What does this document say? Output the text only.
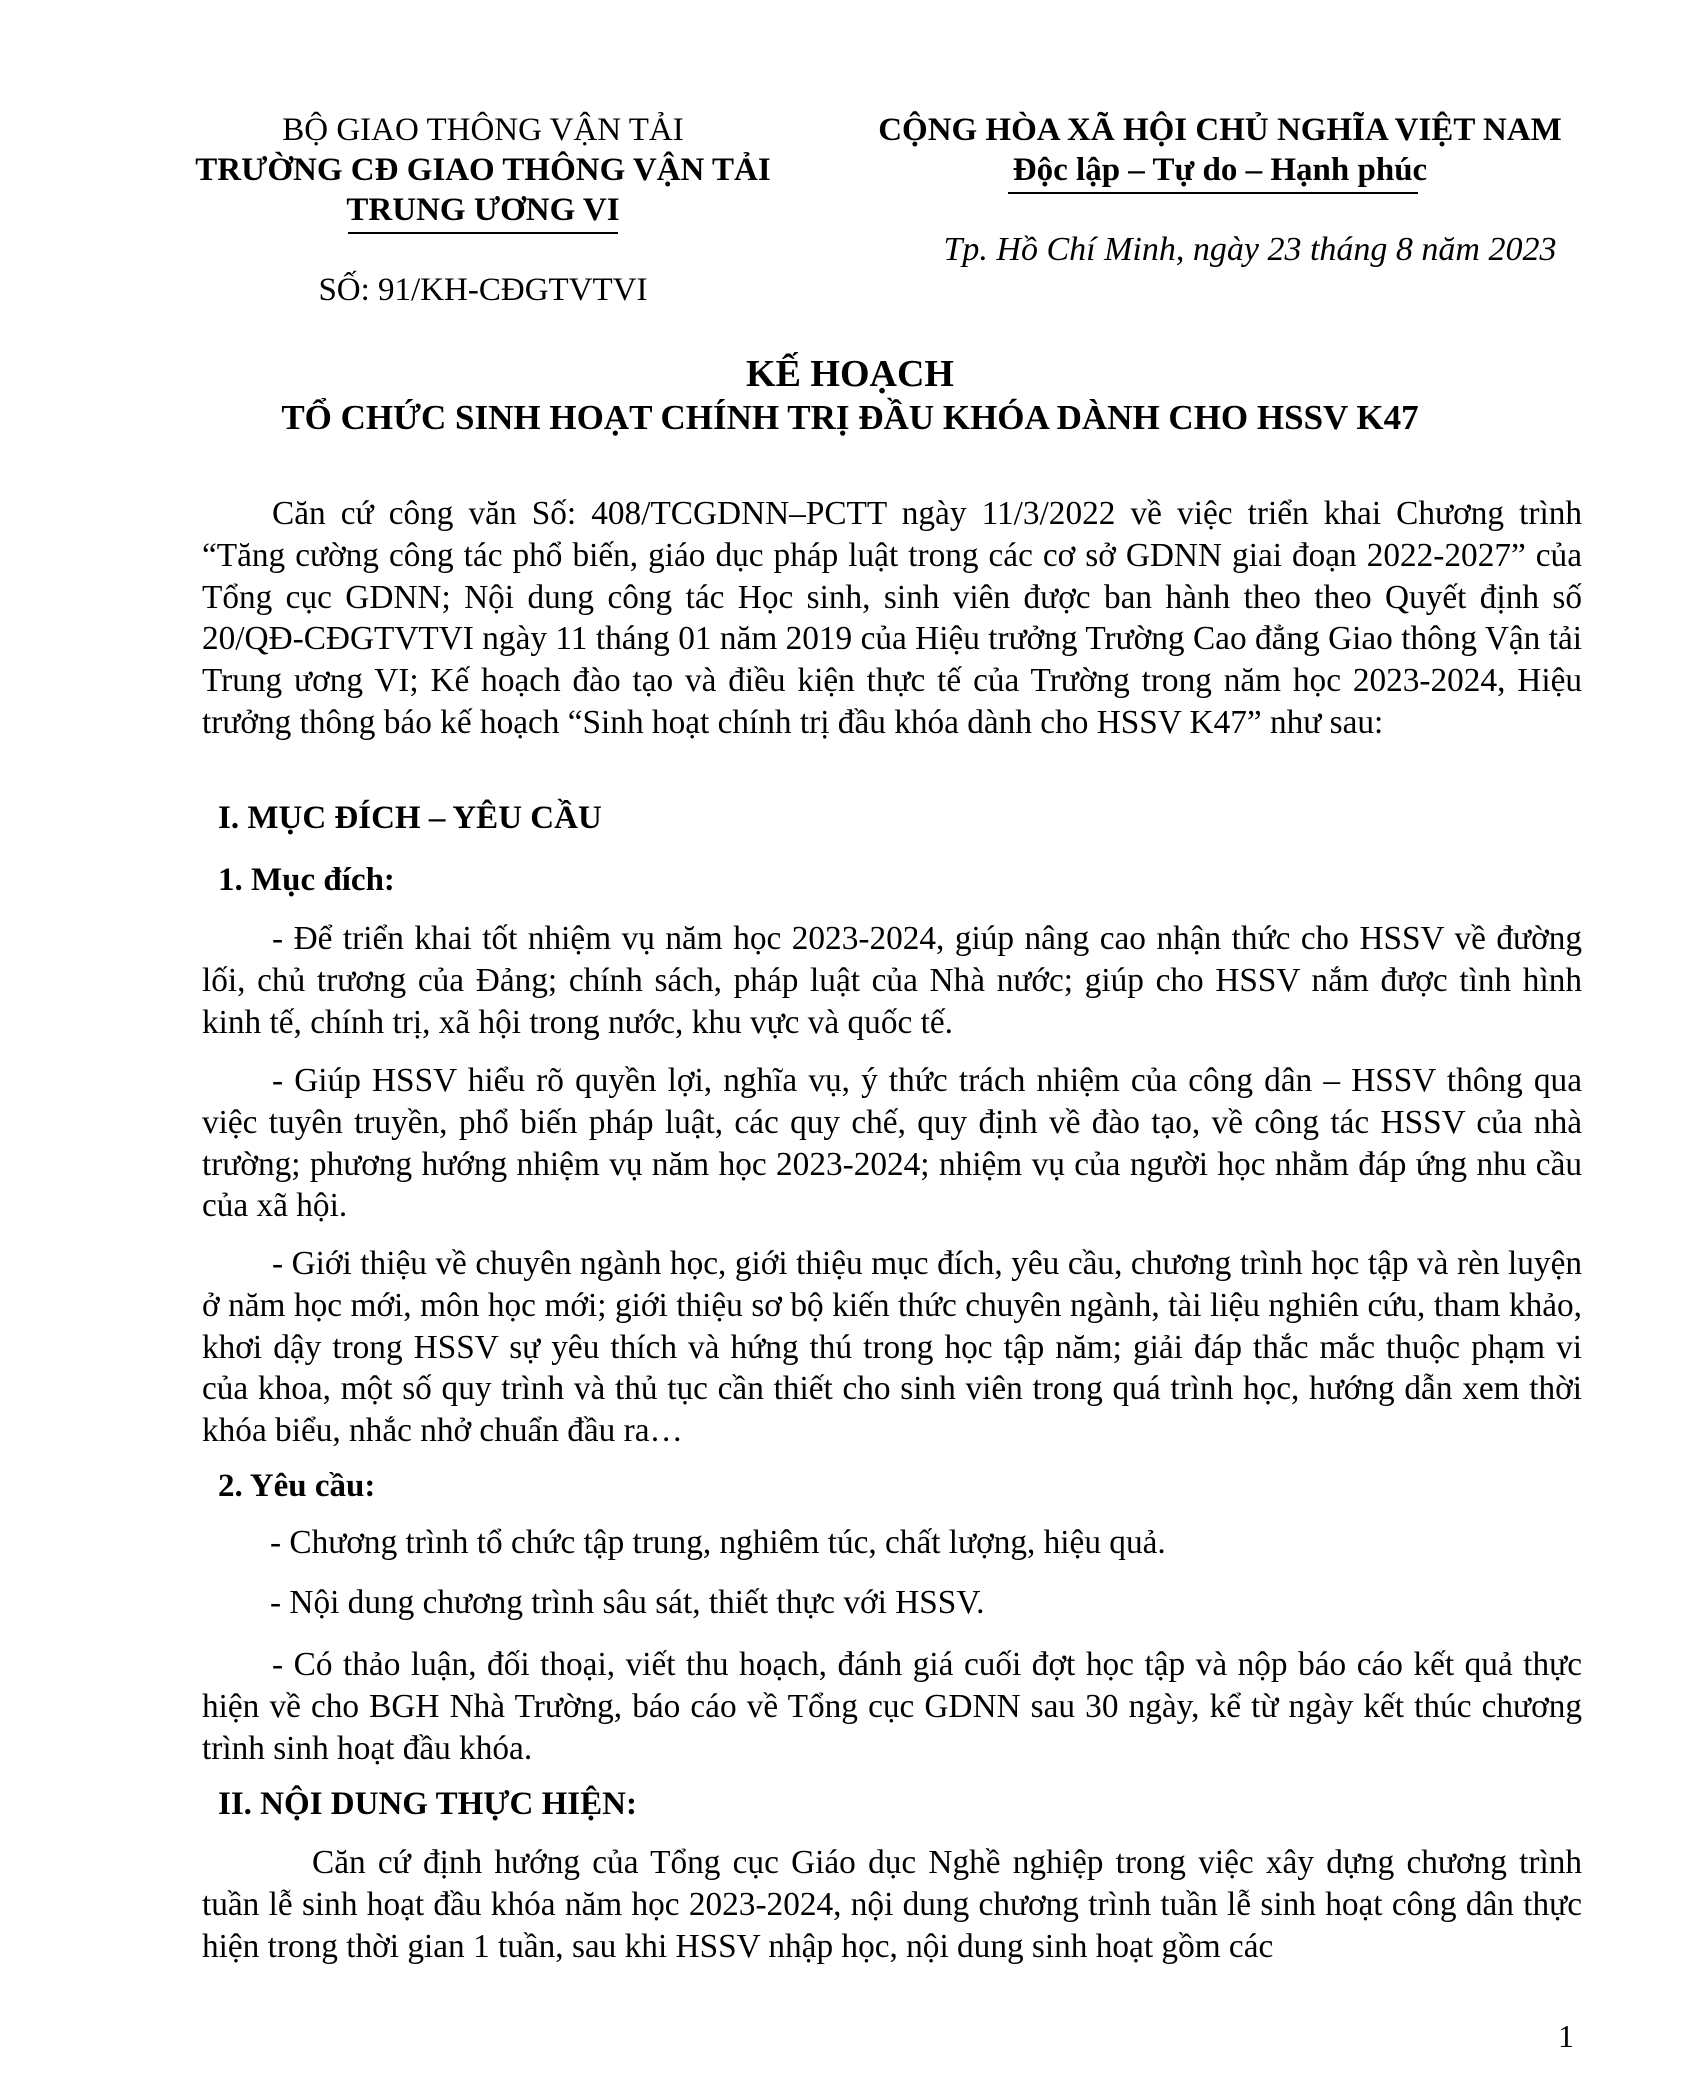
BỘ GIAO THÔNG VẬN TẢI
TRƯỜNG CĐ GIAO THÔNG VẬN TẢI
TRUNG ƯƠNG VI
SỐ: 91/KH-CĐGTVTVI
CỘNG HÒA XÃ HỘI CHỦ NGHĨA VIỆT NAM
Độc lập – Tự do – Hạnh phúc
Tp. Hồ Chí Minh, ngày 23 tháng 8 năm 2023
KẾ HOẠCH
TỔ CHỨC SINH HOẠT CHÍNH TRỊ ĐẦU KHÓA DÀNH CHO HSSV K47
Căn cứ công văn Số: 408/TCGDNN–PCTT ngày 11/3/2022 về việc triển khai Chương trình “Tăng cường công tác phổ biến, giáo dục pháp luật trong các cơ sở GDNN giai đoạn 2022-2027” của Tổng cục GDNN; Nội dung công tác Học sinh, sinh viên được ban hành theo theo Quyết định số 20/QĐ-CĐGTVTVI ngày 11 tháng 01 năm 2019 của Hiệu trưởng Trường Cao đẳng Giao thông Vận tải Trung ương VI; Kế hoạch đào tạo và điều kiện thực tế của Trường trong năm học 2023-2024, Hiệu trưởng thông báo kế hoạch “Sinh hoạt chính trị đầu khóa dành cho HSSV K47” như sau:
I. MỤC ĐÍCH – YÊU CẦU
1. Mục đích:
- Để triển khai tốt nhiệm vụ năm học 2023-2024, giúp nâng cao nhận thức cho HSSV về đường lối, chủ trương của Đảng; chính sách, pháp luật của Nhà nước; giúp cho HSSV nắm được tình hình kinh tế, chính trị, xã hội trong nước, khu vực và quốc tế.
- Giúp HSSV hiểu rõ quyền lợi, nghĩa vụ, ý thức trách nhiệm của công dân – HSSV thông qua việc tuyên truyền, phổ biến pháp luật, các quy chế, quy định về đào tạo, về công tác HSSV của nhà trường; phương hướng nhiệm vụ năm học 2023-2024; nhiệm vụ của người học nhằm đáp ứng nhu cầu của xã hội.
- Giới thiệu về chuyên ngành học, giới thiệu mục đích, yêu cầu, chương trình học tập và rèn luyện ở năm học mới, môn học mới; giới thiệu sơ bộ kiến thức chuyên ngành, tài liệu nghiên cứu, tham khảo, khơi dậy trong HSSV sự yêu thích và hứng thú trong học tập năm; giải đáp thắc mắc thuộc phạm vi của khoa, một số quy trình và thủ tục cần thiết cho sinh viên trong quá trình học, hướng dẫn xem thời khóa biểu, nhắc nhở chuẩn đầu ra…
2. Yêu cầu:
- Chương trình tổ chức tập trung, nghiêm túc, chất lượng, hiệu quả.
- Nội dung chương trình sâu sát, thiết thực với HSSV.
- Có thảo luận, đối thoại, viết thu hoạch, đánh giá cuối đợt học tập và nộp báo cáo kết quả thực hiện về cho BGH Nhà Trường, báo cáo về Tổng cục GDNN sau 30 ngày, kể từ ngày kết thúc chương trình sinh hoạt đầu khóa.
II. NỘI DUNG THỰC HIỆN:
Căn cứ định hướng của Tổng cục Giáo dục Nghề nghiệp trong việc xây dựng chương trình tuần lễ sinh hoạt đầu khóa năm học 2023-2024, nội dung chương trình tuần lễ sinh hoạt công dân thực hiện trong thời gian 1 tuần, sau khi HSSV nhập học, nội dung sinh hoạt gồm các
1
